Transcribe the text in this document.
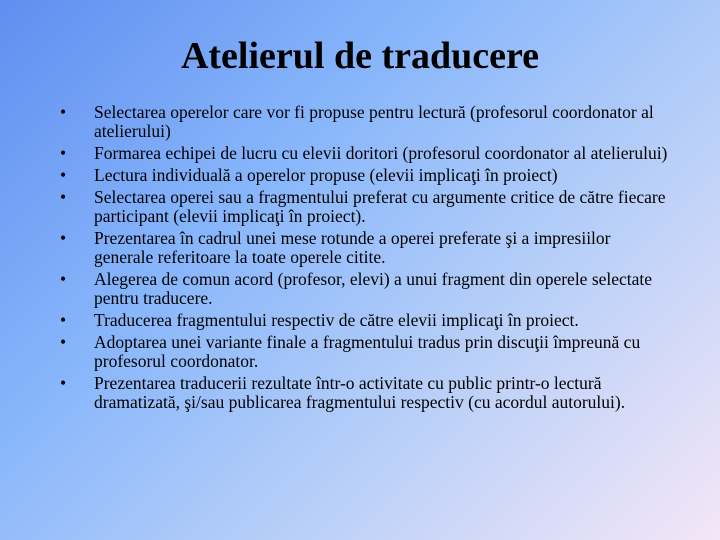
Atelierul de traducere
•	Selectarea operelor care vor fi propuse pentru lectură (profesorul coordonator al atelierului)
•	Formarea echipei de lucru cu elevii doritori (profesorul coordonator al atelierului)
•	Lectura individuală a operelor propuse (elevii implicaţi în proiect)
•	Selectarea operei sau a fragmentului preferat cu argumente critice de către fiecare participant (elevii implicaţi în proiect).
•	Prezentarea în cadrul unei mese rotunde a operei preferate şi a impresiilor generale referitoare la toate operele citite.
•	Alegerea de comun acord (profesor, elevi) a unui fragment din operele selectate pentru traducere.
•	Traducerea fragmentului respectiv de către elevii implicaţi în proiect.
•	Adoptarea unei variante finale a fragmentului tradus prin discuţii împreună cu profesorul coordonator.
•	Prezentarea traducerii rezultate într-o activitate cu public printr-o lectură dramatizată, şi/sau publicarea fragmentului respectiv (cu acordul autorului).
